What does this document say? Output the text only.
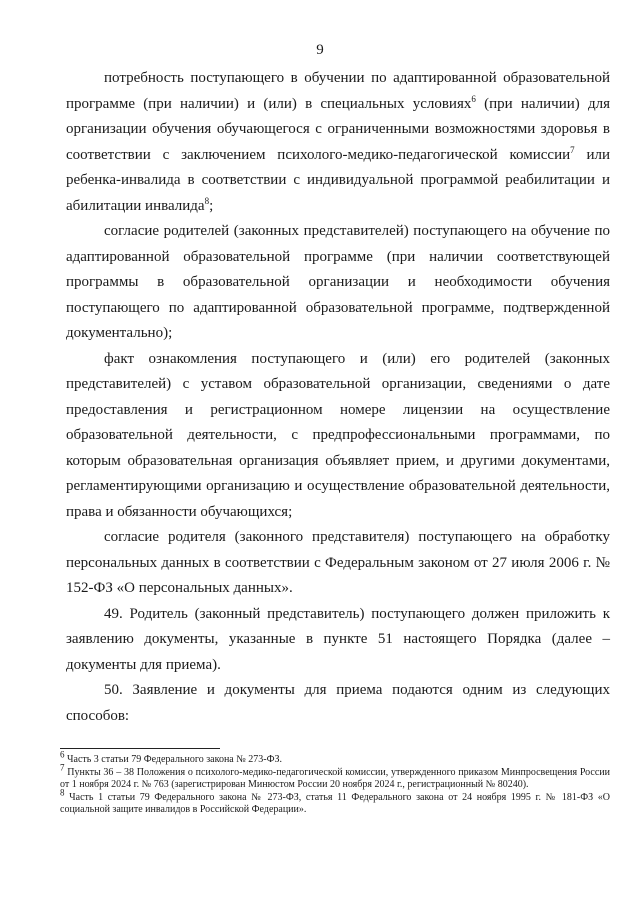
9

потребность поступающего в обучении по адаптированной образовательной программе (при наличии) и (или) в специальных условиях$^6$ (при наличии) для организации обучения обучающегося с ограниченными возможностями здоровья в соответствии с заключением психолого-медико-педагогической комиссии$^7$ или ребенка-инвалида в соответствии с индивидуальной программой реабилитации и абилитации инвалида$^8$;

согласие родителей (законных представителей) поступающего на обучение по адаптированной образовательной программе (при наличии соответствующей программы в образовательной организации и необходимости обучения поступающего по адаптированной образовательной программе, подтвержденной документально);

факт ознакомления поступающего и (или) его родителей (законных представителей) с уставом образовательной организации, сведениями о дате предоставления и регистрационном номере лицензии на осуществление образовательной деятельности, с предпрофессиональными программами, по которым образовательная организация объявляет прием, и другими документами, регламентирующими организацию и осуществление образовательной деятельности, права и обязанности обучающихся;

согласие родителя (законного представителя) поступающего на обработку персональных данных в соответствии с Федеральным законом от 27 июля 2006 г. № 152-ФЗ «О персональных данных».

49. Родитель (законный представитель) поступающего должен приложить к заявлению документы, указанные в пункте 51 настоящего Порядка (далее – документы для приема).

50. Заявление и документы для приема подаются одним из следующих способов:

$^6$ Часть 3 статьи 79 Федерального закона № 273-ФЗ.

$^7$ Пункты 36 – 38 Положения о психолого-медико-педагогической комиссии, утвержденного приказом Минпросвещения России от 1 ноября 2024 г. № 763 (зарегистрирован Минюстом России 20 ноября 2024 г., регистрационный № 80240).

$^8$ Часть 1 статьи 79 Федерального закона № 273-ФЗ, статья 11 Федерального закона от 24 ноября 1995 г. № 181-ФЗ «О социальной защите инвалидов в Российской Федерации».
